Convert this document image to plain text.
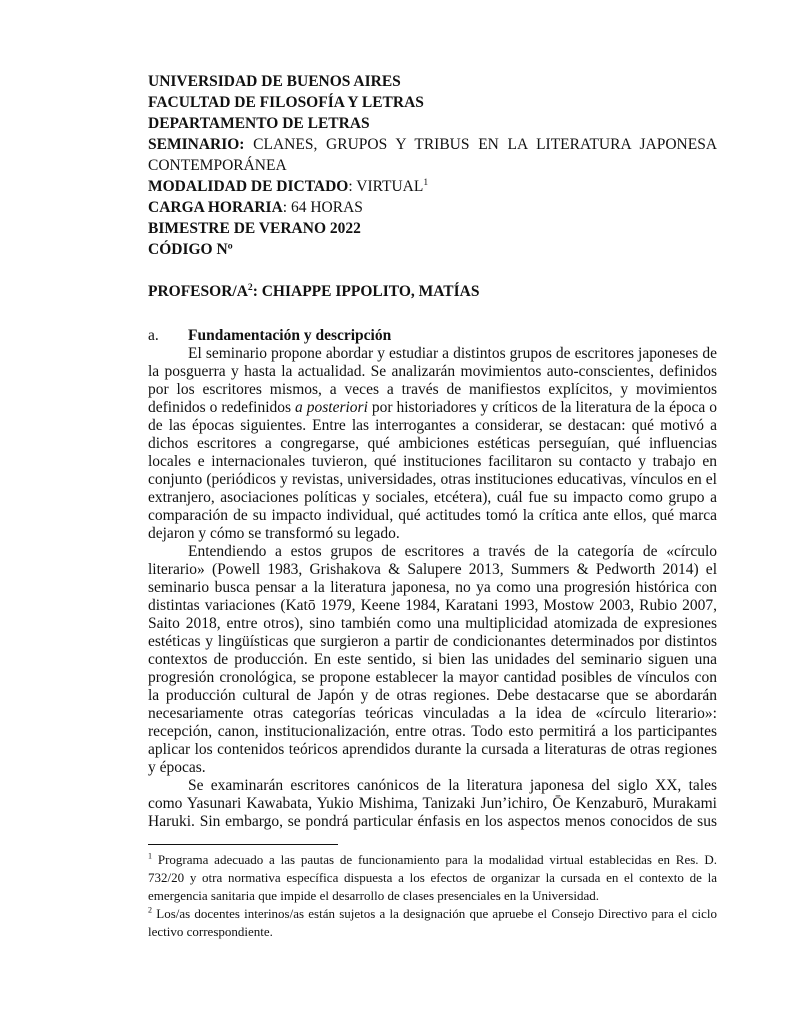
UNIVERSIDAD DE BUENOS AIRES

FACULTAD DE FILOSOFÍA Y LETRAS

DEPARTAMENTO DE LETRAS

SEMINARIO: CLANES, GRUPOS Y TRIBUS EN LA LITERATURA JAPONESA CONTEMPORÁNEA

MODALIDAD DE DICTADO: VIRTUAL$^1$

CARGA HORARIA: 64 HORAS

BIMESTRE DE VERANO 2022

CÓDIGO Nº

PROFESOR/A$^2$: CHIAPPE IPPOLITO, MATÍAS

a. Fundamentación y descripción

El seminario propone abordar y estudiar a distintos grupos de escritores japoneses de la posguerra y hasta la actualidad. Se analizarán movimientos auto-conscientes, definidos por los escritores mismos, a veces a través de manifiestos explícitos, y movimientos definidos o redefinidos a posteriori por historiadores y críticos de la literatura de la época o de las épocas siguientes. Entre las interrogantes a considerar, se destacan: qué motivó a dichos escritores a congregarse, qué ambiciones estéticas perseguían, qué influencias locales e internacionales tuvieron, qué instituciones facilitaron su contacto y trabajo en conjunto (periódicos y revistas, universidades, otras instituciones educativas, vínculos en el extranjero, asociaciones políticas y sociales, etcétera), cuál fue su impacto como grupo a comparación de su impacto individual, qué actitudes tomó la crítica ante ellos, qué marca dejaron y cómo se transformó su legado.

Entendiendo a estos grupos de escritores a través de la categoría de «círculo literario» (Powell 1983, Grishakova & Salupere 2013, Summers & Pedworth 2014) el seminario busca pensar a la literatura japonesa, no ya como una progresión histórica con distintas variaciones (Katō 1979, Keene 1984, Karatani 1993, Mostow 2003, Rubio 2007, Saito 2018, entre otros), sino también como una multiplicidad atomizada de expresiones estéticas y lingüísticas que surgieron a partir de condicionantes determinados por distintos contextos de producción. En este sentido, si bien las unidades del seminario siguen una progresión cronológica, se propone establecer la mayor cantidad posibles de vínculos con la producción cultural de Japón y de otras regiones. Debe destacarse que se abordarán necesariamente otras categorías teóricas vinculadas a la idea de «círculo literario»: recepción, canon, institucionalización, entre otras. Todo esto permitirá a los participantes aplicar los contenidos teóricos aprendidos durante la cursada a literaturas de otras regiones y épocas.

Se examinarán escritores canónicos de la literatura japonesa del siglo XX, tales como Yasunari Kawabata, Yukio Mishima, Tanizaki Jun’ichiro, Ōe Kenzaburō, Murakami Haruki. Sin embargo, se pondrá particular énfasis en los aspectos menos conocidos de sus

$^1$ Programa adecuado a las pautas de funcionamiento para la modalidad virtual establecidas en Res. D. 732/20 y otra normativa específica dispuesta a los efectos de organizar la cursada en el contexto de la emergencia sanitaria que impide el desarrollo de clases presenciales en la Universidad.

$^2$ Los/as docentes interinos/as están sujetos a la designación que apruebe el Consejo Directivo para el ciclo lectivo correspondiente.
